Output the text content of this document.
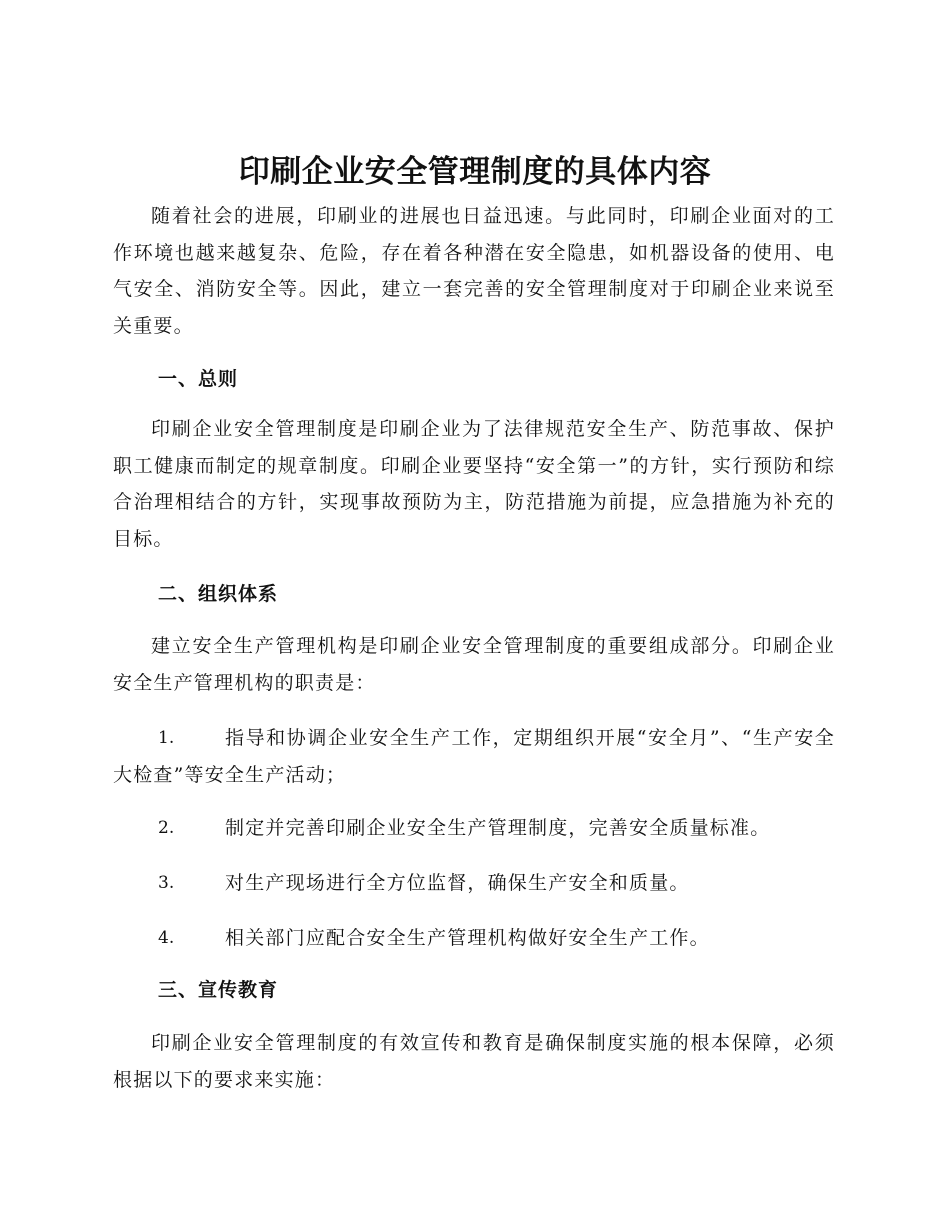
印刷企业安全管理制度的具体内容

随着社会的进展，印刷业的进展也日益迅速。与此同时，印刷企业面对的工作环境也越来越复杂、危险，存在着各种潜在安全隐患，如机器设备的使用、电气安全、消防安全等。因此，建立一套完善的安全管理制度对于印刷企业来说至关重要。

一、总则

印刷企业安全管理制度是印刷企业为了法律规范安全生产、防范事故、保护职工健康而制定的规章制度。印刷企业要坚持“安全第一”的方针，实行预防和综合治理相结合的方针，实现事故预防为主，防范措施为前提，应急措施为补充的目标。

二、组织体系

建立安全生产管理机构是印刷企业安全管理制度的重要组成部分。印刷企业安全生产管理机构的职责是：

1.	指导和协调企业安全生产工作，定期组织开展“安全月”、“生产安全大检查”等安全生产活动；
2.	制定并完善印刷企业安全生产管理制度，完善安全质量标准。
3.	对生产现场进行全方位监督，确保生产安全和质量。
4.	相关部门应配合安全生产管理机构做好安全生产工作。
三、宣传教育

印刷企业安全管理制度的有效宣传和教育是确保制度实施的根本保障，必须根据以下的要求来实施：
